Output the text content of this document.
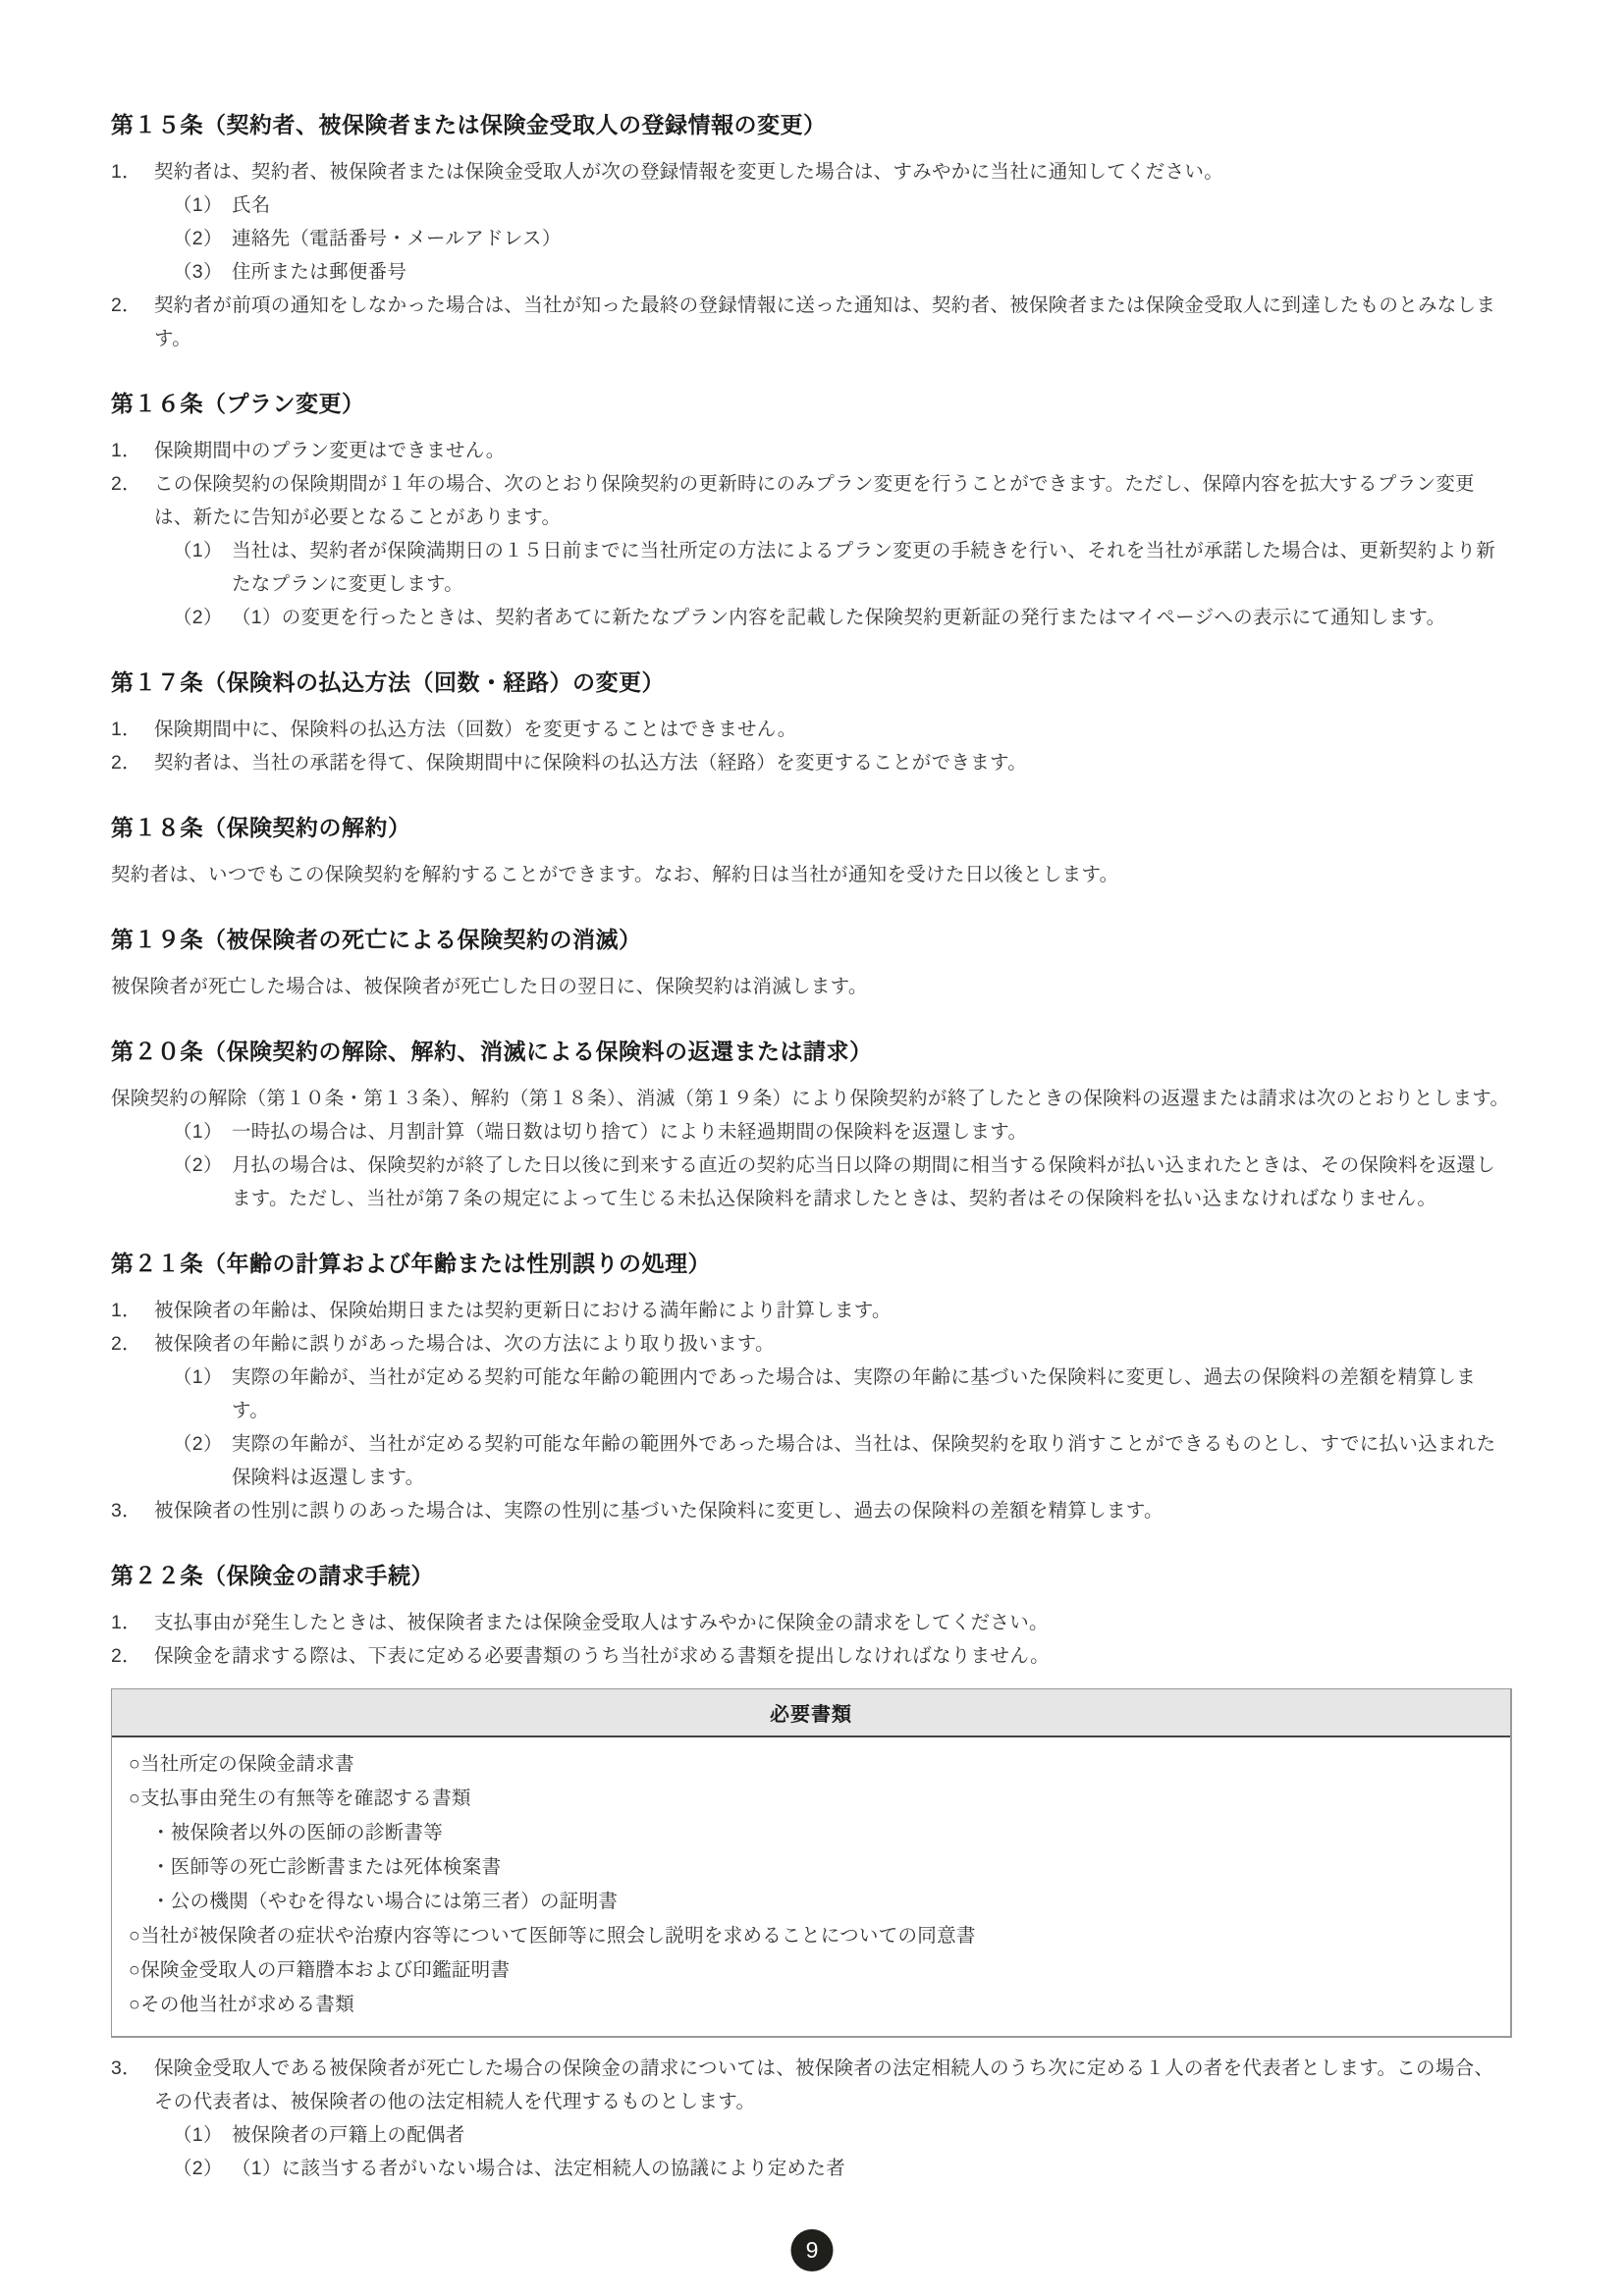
第１５条（契約者、被保険者または保険金受取人の登録情報の変更）
1． 契約者は、契約者、被保険者または保険金受取人が次の登録情報を変更した場合は、すみやかに当社に通知してください。
（1） 氏名
（2） 連絡先（電話番号・メールアドレス）
（3） 住所または郵便番号
2． 契約者が前項の通知をしなかった場合は、当社が知った最終の登録情報に送った通知は、契約者、被保険者または保険金受取人に到達したものとみなします。
第１６条（プラン変更）
1． 保険期間中のプラン変更はできません。
2． この保険契約の保険期間が１年の場合、次のとおり保険契約の更新時にのみプラン変更を行うことができます。ただし、保障内容を拡大するプラン変更は、新たに告知が必要となることがあります。
（1） 当社は、契約者が保険満期日の１５日前までに当社所定の方法によるプラン変更の手続きを行い、それを当社が承諾した場合は、更新契約より新たなプランに変更します。
（2） （1）の変更を行ったときは、契約者あてに新たなプラン内容を記載した保険契約更新証の発行またはマイページへの表示にて通知します。
第１７条（保険料の払込方法（回数・経路）の変更）
1． 保険期間中に、保険料の払込方法（回数）を変更することはできません。
2． 契約者は、当社の承諾を得て、保険期間中に保険料の払込方法（経路）を変更することができます。
第１８条（保険契約の解約）

契約者は、いつでもこの保険契約を解約することができます。なお、解約日は当社が通知を受けた日以後とします。

第１９条（被保険者の死亡による保険契約の消滅）

被保険者が死亡した場合は、被保険者が死亡した日の翌日に、保険契約は消滅します。

第２０条（保険契約の解除、解約、消滅による保険料の返還または請求）

保険契約の解除（第１０条・第１３条）、解約（第１８条）、消滅（第１９条）により保険契約が終了したときの保険料の返還または請求は次のとおりとします。

（1） 一時払の場合は、月割計算（端日数は切り捨て）により未経過期間の保険料を返還します。
（2） 月払の場合は、保険契約が終了した日以後に到来する直近の契約応当日以降の期間に相当する保険料が払い込まれたときは、その保険料を返還します。ただし、当社が第７条の規定によって生じる未払込保険料を請求したときは、契約者はその保険料を払い込まなければなりません。
第２１条（年齢の計算および年齢または性別誤りの処理）
1． 被保険者の年齢は、保険始期日または契約更新日における満年齢により計算します。
2． 被保険者の年齢に誤りがあった場合は、次の方法により取り扱います。
（1） 実際の年齢が、当社が定める契約可能な年齢の範囲内であった場合は、実際の年齢に基づいた保険料に変更し、過去の保険料の差額を精算します。
（2） 実際の年齢が、当社が定める契約可能な年齢の範囲外であった場合は、当社は、保険契約を取り消すことができるものとし、すでに払い込まれた保険料は返還します。
3． 被保険者の性別に誤りのあった場合は、実際の性別に基づいた保険料に変更し、過去の保険料の差額を精算します。
第２２条（保険金の請求手続）
1． 支払事由が発生したときは、被保険者または保険金受取人はすみやかに保険金の請求をしてください。
2． 保険金を請求する際は、下表に定める必要書類のうち当社が求める書類を提出しなければなりません。
必要書類
○当社所定の保険金請求書
○支払事由発生の有無等を確認する書類
・被保険者以外の医師の診断書等
・医師等の死亡診断書または死体検案書
・公の機関（やむを得ない場合には第三者）の証明書
○当社が被保険者の症状や治療内容等について医師等に照会し説明を求めることについての同意書
○保険金受取人の戸籍謄本および印鑑証明書
○その他当社が求める書類
3． 保険金受取人である被保険者が死亡した場合の保険金の請求については、被保険者の法定相続人のうち次に定める１人の者を代表者とします。この場合、その代表者は、被保険者の他の法定相続人を代理するものとします。
（1） 被保険者の戸籍上の配偶者
（2） （1）に該当する者がいない場合は、法定相続人の協議により定めた者
9
